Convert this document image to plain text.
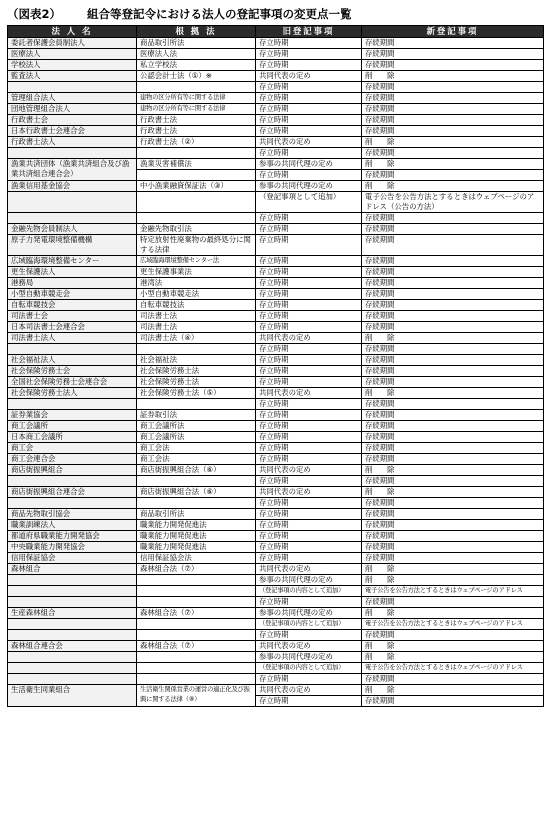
（図表2） 組合等登記令における法人の登記事項の変更点一覧
法 人 名	根 拠 法	旧登記事項	新登記事項
委託者保護会員制法人	商品取引所法	存立時期	存続期間
医療法人	医療法人法	存立時期	存続期間
学校法人	私立学校法	存立時期	存続期間
監査法人	公認会計士法（①）※	共同代表の定め	削　　除
		存立時期	存続期間
管理組合法人	建物の区分所有等に関する法律	存立時期	存続期間
団地管理組合法人	建物の区分所有等に関する法律	存立時期	存続期間
行政書士会	行政書士法	存立時期	存続期間
日本行政書士会連合会	行政書士法	存立時期	存続期間
行政書士法人	行政書士法（②）	共同代表の定め	削　　除
		存立時期	存続期間
漁業共済団体（漁業共済組合及び漁業共済組合連合会）	漁業災害補償法	参事の共同代理の定め	削　　除
		存立時期	存続期間
漁業信用基金協会	中小漁業融資保証法（③）	参事の共同代理の定め	削　　除
		（登記事項として追加）	電子公告を公告方法とするときはウェブページのアドレス（公告の方法）
		存立時期	存続期間
金融先物会員制法人	金融先物取引法	存立時期	存続期間
原子力発電環境整備機構	特定放射性廃棄物の最終処分に関する法律	存立時期	存続期間
広域臨海環境整備センター	広域臨海環境整備センター法	存立時期	存続期間
更生保護法人	更生保護事業法	存立時期	存続期間
港務局	港湾法	存立時期	存続期間
小型自動車競走会	小型自動車競走法	存立時期	存続期間
自転車競技会	自転車競技法	存立時期	存続期間
司法書士会	司法書士法	存立時期	存続期間
日本司法書士会連合会	司法書士法	存立時期	存続期間
司法書士法人	司法書士法（④）	共同代表の定め	削　　除
		存立時期	存続期間
社会福祉法人	社会福祉法	存立時期	存続期間
社会保険労務士会	社会保険労務士法	存立時期	存続期間
全国社会保険労務士会連合会	社会保険労務士法	存立時期	存続期間
社会保険労務士法人	社会保険労務士法（⑤）	共同代表の定め	削　　除
		存立時期	存続期間
証券業協会	証券取引法	存立時期	存続期間
商工会議所	商工会議所法	存立時期	存続期間
日本商工会議所	商工会議所法	存立時期	存続期間
商工会	商工会法	存立時期	存続期間
商工会連合会	商工会法	存立時期	存続期間
商店街振興組合	商店街振興組合法（⑥）	共同代表の定め	削　　除
		存立時期	存続期間
商店街振興組合連合会	商店街振興組合法（⑥）	共同代表の定め	削　　除
		存立時期	存続期間
商品先物取引協会	商品取引所法	存立時期	存続期間
職業訓練法人	職業能力開発促進法	存立時期	存続期間
都道府県職業能力開発協会	職業能力開発促進法	存立時期	存続期間
中央職業能力開発協会	職業能力開発促進法	存立時期	存続期間
信用保証協会	信用保証協会法	存立時期	存続期間
森林組合	森林組合法（⑦）	共同代表の定め	削　　除
		参事の共同代理の定め	削　　除
		（登記事項の内容として追加）	電子公告を公告方法とするときはウェブページのアドレス
		存立時期	存続期間
生産森林組合	森林組合法（⑦）	参事の共同代理の定め	削　　除
		（登記事項の内容として追加）	電子公告を公告方法とするときはウェブページのアドレス
		存立時期	存続期間
森林組合連合会	森林組合法（⑦）	共同代表の定め	削　　除
		参事の共同代理の定め	削　　除
		（登記事項の内容として追加）	電子公告を公告方法とするときはウェブページのアドレス
		存立時期	存続期間
生活衛生同業組合	生活衛生関係営業の運営の適正化及び振興に関する法律（⑧）	共同代表の定め	削　　除
		存立時期	存続期間
